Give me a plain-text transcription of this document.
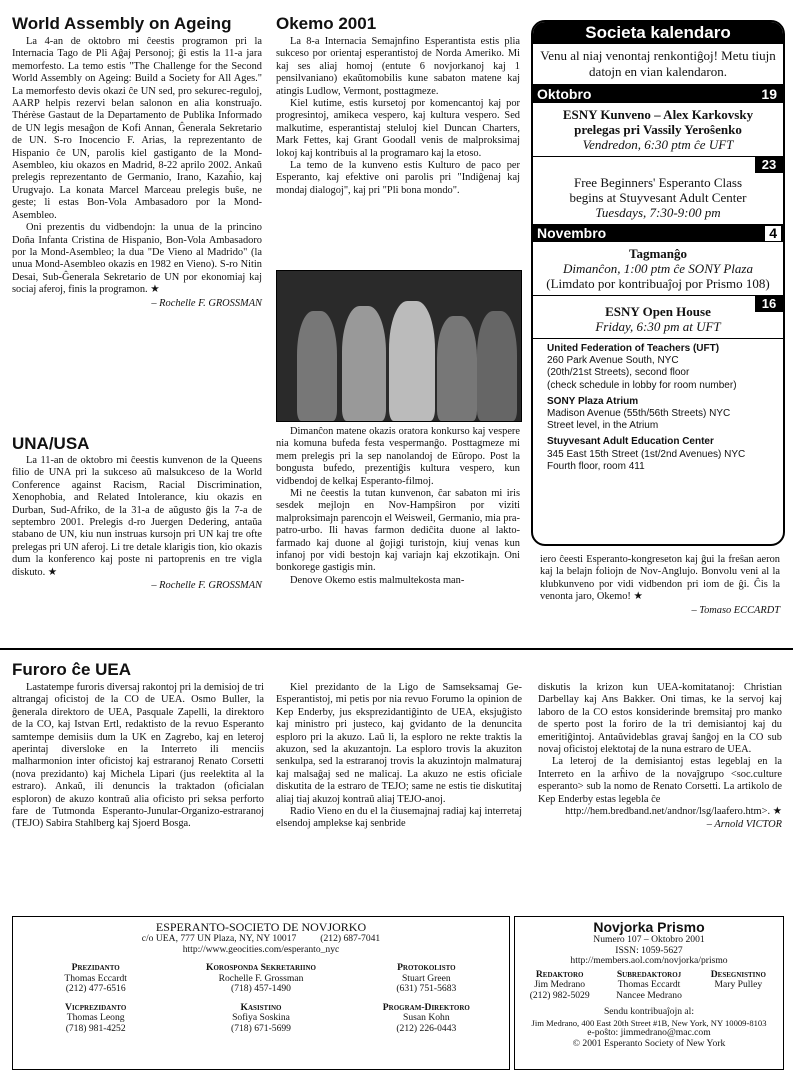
World Assembly on Ageing

La 4-an de oktobro mi ĉeestis programon pri la Internacia Tago de Pli Aĝaj Personoj; ĝi estis la 11-a jara memorfesto. La temo estis "The Challenge for the Second World Assembly on Ageing: Build a Society for All Ages." La memorfesto devis okazi ĉe UN sed, pro sekurec-reguloj, AARP helpis rezervi belan salonon en alia konstruaĵo. Thérèse Gastaut de la Departamento de Publika Informado de UN legis mesaĝon de Kofi Annan, Ĝenerala Sekretario de UN. S-ro Inocencio F. Arias, la reprezentanto de Hispanio ĉe UN, parolis kiel gastiganto de la Mond-Asembleo, kiu okazos en Madrid, 8-22 aprilo 2002. Ankaŭ prelegis reprezentanto de Germanio, Irano, Kazaĥio, kaj Urugvajo. La konata Marcel Marceau prelegis buŝe, ne geste; li estas Bon-Vola Ambasadoro por la Mond-Asembleo.

Oni prezentis du vidbendojn: la unua de la princino Doña Infanta Cristina de Hispanio, Bon-Vola Ambasadoro por la Mond-Asembleo; la dua "De Vieno al Madrido" (la unua Mond-Asembleo okazis en 1982 en Vieno). S-ro Nitin Desai, Sub-Ĝenerala Sekretario de UN por ekonomiaj kaj sociaj aferoj, finis la programon. ★

– Rochelle F. GROSSMAN
UNA/USA

La 11-an de oktobro mi ĉeestis kunvenon de la Queens filio de UNA pri la sukceso aŭ malsukceso de la World Conference against Racism, Racial Discrimination, Xenophobia, and Related Intolerance, kiu okazis en Durban, Sud-Afriko, de la 31-a de aŭgusto ĝis la 7-a de septembro 2001. Prelegis d-ro Juergen Dedering, antaŭa stabano de UN, kiu nun instruas kursojn pri UN kaj tre ofte prelegas pri UN aferoj. Li tre detale klarigis tion, kio okazis dum la konferenco kaj poste ni partoprenis en tre vigla diskuto. ★

– Rochelle F. GROSSMAN
Okemo 2001

La 8-a Internacia Semajnfino Esperantista estis plia sukceso por orientaj esperantistoj de Norda Ameriko. Mi kaj ses aliaj homoj (entute 6 novjorkanoj kaj 1 pensilvaniano) ekaŭtomobilis kune sabaton matene kaj atingis Ludlow, Vermont, posttagmeze.

Kiel kutime, estis kursetoj por komencantoj kaj por progresintoj, amikeca vespero, kaj kultura vespero. Sed malkutime, esperantistaj steluloj kiel Duncan Charters, Mark Fettes, kaj Grant Goodall venis de malproksimaj lokoj kaj kontribuis al la programaro kaj la etoso.

La temo de la kunveno estis Kulturo de paco per Esperanto, kaj efektive oni parolis pri "Indiĝenaj kaj mondaj dialogoj", kaj pri "Pli bona mondo".

Dimanĉon matene okazis oratora konkurso kaj vespere nia komuna bufeda festa vespermanĝo. Posttagmeze mi mem prelegis pri la sep nanolandoj de Eŭropo. Post la bongusta bufedo, prezentiĝis kultura vespero, kun vidbendoj de kelkaj Esperanto-filmoj.

Mi ne ĉeestis la tutan kunvenon, ĉar sabaton mi iris sesdek mejlojn en Nov-Hampŝiron por viziti malproksimajn parencojn el Weisweil, Germanio, mia pra-patro-urbo. Ili havas farmon dediĉita duone al lakto-farmado kaj duone al ĝojigi turistojn, kiuj venas kun infanoj por vidi bestojn kaj variajn kaj ekzotikajn. Oni bonkorege gastigis min.

Denove Okemo estis malmultekosta man-

iero ĉeesti Esperanto-kongreseton kaj ĝui la freŝan aeron kaj la belajn foliojn de Nov-Anglujo. Bonvolu veni al la klubkunveno por vidi vidbendon pri iom de ĝi. Ĉis la venonta jaro, Okemo! ★
– Tomaso ECCARDT
Societa kalendaro
Venu al niaj venontaj renkontiĝoj! Metu tiujn datojn en vian kalendaron.
Oktobro	19
ESNY Kunveno – Alex Karkovsky
prelegas pri Vassily Yeroŝenko
Vendredon, 6:30 ptm ĉe UFT
23
Free Beginners' Esperanto Class
begins at Stuyvesant Adult Center
Tuesdays, 7:30-9:00 pm
Novembro	4
Tagmanĝo
Dimanĉon, 1:00 ptm ĉe SONY Plaza
(Limdato por kontribuaĵoj por Prismo 108)
16
ESNY Open House
Friday, 6:30 pm at UFT
United Federation of Teachers (UFT)
260 Park Avenue South, NYC
(20th/21st Streets), second floor
(check schedule in lobby for room number)
SONY Plaza Atrium
Madison Avenue (55th/56th Streets) NYC
Street level, in the Atrium
Stuyvesant Adult Education Center
345 East 15th Street (1st/2nd Avenues) NYC
Fourth floor, room 411
Furoro ĉe UEA

Lastatempe furoris diversaj rakontoj pri la demisioj de tri altrangaj oficistoj de la CO de UEA. Osmo Buller, la ĝenerala direktoro de UEA, Pasquale Zapelli, la direktoro de la CO, kaj Istvan Ertl, redaktisto de la revuo Esperanto samtempe demisiis dum la UK en Zagrebo, kaj en leteroj aperintaj diversloke en la Interreto ili menciis malharmonion inter oficistoj kaj estraranoj Renato Corsetti (nova prezidanto) kaj Michela Lipari (jus reelektita al la estraro). Ankaŭ, ili denuncis la traktadon (oficialan esploron) de akuzo kontraŭ alia oficisto pri seksa perforto fare de Tutmonda Esperanto-Junular-Organizo-estraranoj (TEJO) Sabira Stahlberg kaj Sjoerd Bosga.

Kiel prezidanto de la Ligo de Samseksamaj Ge-Esperantistoj, mi petis por nia revuo Forumo la opinion de Kep Enderby, jus eksprezidantiĝinto de UEA, eksjuĝisto kaj ministro pri justeco, kaj gvidanto de la denuncita esploro pri la akuzo. Laŭ li, la esploro ne rekte traktis la akuzon, sed la akuzantojn. La esploro trovis la akuziton senkulpa, sed la estraranoj trovis la akuzintojn malmaturaj kaj malsaĝaj sed ne malicaj. La akuzo ne estis oficiale diskutita de la estraro de TEJO; same ne estis tie diskutitaj aliaj tiaj akuzoj kontraŭ aliaj TEJO-anoj.

Radio Vieno en du el la ĉiusemajnaj radiaj kaj interretaj elsendoj amplekse kaj senbride

diskutis la krizon kun UEA-komitatanoj: Christian Darbellay kaj Ans Bakker. Oni timas, ke la servoj kaj laboro de la CO estos konsiderinde bremsitaj pro manko de sperto post la foriro de la tri demisiantoj kaj du emeritiĝintoj. Antaŭvideblas gravaj ŝanĝoj en la CO sub novaj oficistoj elektotaj de la nuna estraro de UEA.

La leteroj de la demisiantoj estas legeblaj en la Interreto en la arĥivo de la novaĵgrupo <soc.culture esperanto> sub la nomo de Renato Corsetti. La artikolo de Kep Enderby estas legebla ĉe

http://hem.bredband.net/andnor/lsg/laafero.htm>. ★
– Arnold VICTOR
ESPERANTO-SOCIETO DE NOVJORKO
c/o UEA, 777 UN Plaza, NY, NY 10017          (212) 687-7041
http://www.geocities.com/esperanto_nyc
Prezidanto
Thomas Eccardt
(212) 477-6516
Korosponda Sekretariino
Rochelle F. Grossman
(718) 457-1490
Protokolisto
Stuart Green
(631) 751-5683
Vicprezidanto
Thomas Leong
(718) 981-4252
Kasistino
Sofiya Soskina
(718) 671-5699
Program-Direktoro
Susan Kohn
(212) 226-0443
Novjorka Prismo
Numero 107 – Oktobro 2001
ISSN: 1059-5627
http://members.aol.com/novjorka/prismo
Redaktoro
Jim Medrano
(212) 982-5029
Subredaktoroj
Thomas Eccardt
Nancee Medrano
Desegnistino
Mary Pulley
Sendu kontribuaĵojn al:
Jim Medrano, 400 East 20th Street #1B, New York, NY 10009-8103
e-poŝto: jimmedrano@mac.com
© 2001 Esperanto Society of New York
